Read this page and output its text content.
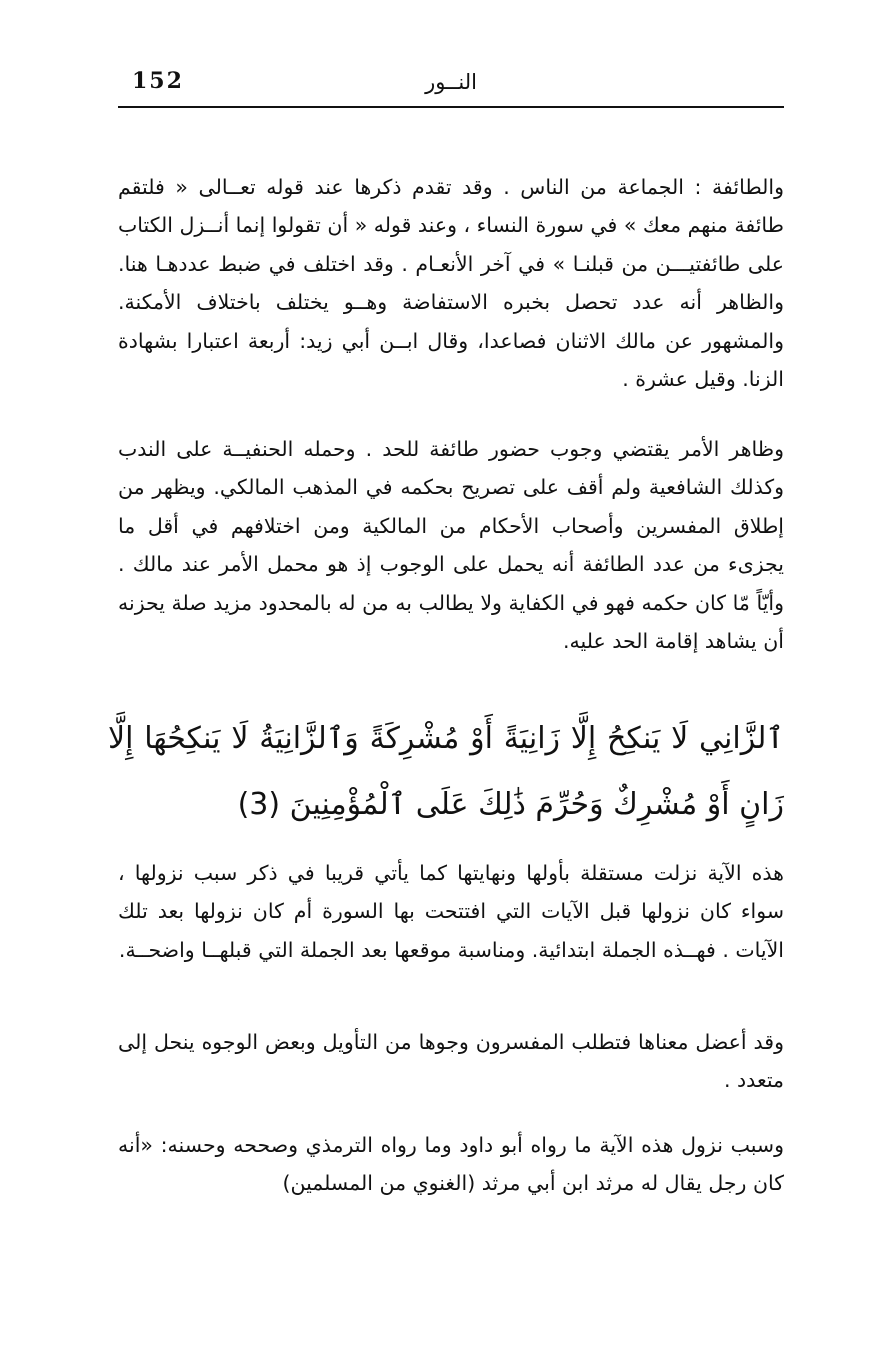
152	النــور

والطائفة : الجماعة من الناس . وقد تقدم ذكرها عند قوله تعــالى « فلتقم طائفة منهم معك » في سورة النساء ، وعند قوله « أن تقولوا إنما أنــزل الكتاب على طائفتيـــن من قبلنـا » في آخر الأنعـام . وقد اختلف في ضبط عددهـا هنا. والظاهر أنه عدد تحصل بخبره الاستفاضة وهــو يختلف باختلاف الأمكنة. والمشهور عن مالك الاثنان فصاعدا، وقال ابــن أبي زيد: أربعة اعتبارا بشهادة الزنا. وقيل عشرة .

وظاهر الأمر يقتضي وجوب حضور طائفة للحد . وحمله الحنفيــة على الندب وكذلك الشافعية ولم أقف على تصريح بحكمه في المذهب المالكي. ويظهر من إطلاق المفسرين وأصحاب الأحكام من المالكية ومن اختلافهم في أقل ما يجزىء من عدد الطائفة أنه يحمل على الوجوب إذ هو محمل الأمر عند مالك . وأيّاً مّا كان حكمه فهو في الكفاية ولا يطالب به من له بالمحدود مزيد صلة يحزنه أن يشاهد إقامة الحد عليه.

ٱلزَّانِي لَا يَنكِحُ إِلَّا زَانِيَةً أَوْ مُشْرِكَةً وَٱلزَّانِيَةُ لَا يَنكِحُهَا إِلَّا زَانٍ أَوْ مُشْرِكٌ وَحُرِّمَ ذَٰلِكَ عَلَى ٱلْمُؤْمِنِينَ (3)

هذه الآية نزلت مستقلة بأولها ونهايتها كما يأتي قريبا في ذكر سبب نزولها ، سواء كان نزولها قبل الآيات التي افتتحت بها السورة أم كان نزولها بعد تلك الآيات . فهــذه الجملة ابتدائية. ومناسبة موقعها بعد الجملة التي قبلهــا واضحــة.

وقد أعضل معناها فتطلب المفسرون وجوها من التأويل وبعض الوجوه ينحل إلى متعدد .

وسبب نزول هذه الآية ما رواه أبو داود وما رواه الترمذي وصححه وحسنه: «أنه كان رجل يقال له مرثد ابن أبي مرثد (الغنوي من المسلمين)
